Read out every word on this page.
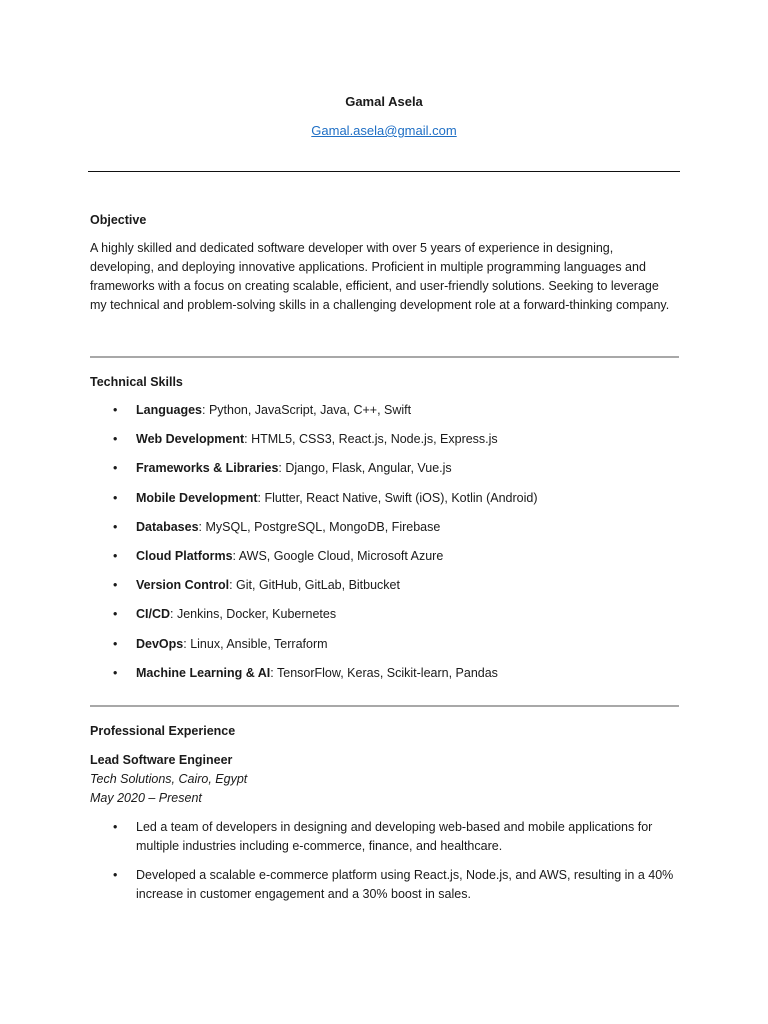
Gamal Asela
Gamal.asela@gmail.com
Objective

A highly skilled and dedicated software developer with over 5 years of experience in designing, developing, and deploying innovative applications. Proficient in multiple programming languages and frameworks with a focus on creating scalable, efficient, and user-friendly solutions. Seeking to leverage my technical and problem-solving skills in a challenging development role at a forward-thinking company.

Technical Skills
• Languages: Python, JavaScript, Java, C++, Swift
• Web Development: HTML5, CSS3, React.js, Node.js, Express.js
• Frameworks & Libraries: Django, Flask, Angular, Vue.js
• Mobile Development: Flutter, React Native, Swift (iOS), Kotlin (Android)
• Databases: MySQL, PostgreSQL, MongoDB, Firebase
• Cloud Platforms: AWS, Google Cloud, Microsoft Azure
• Version Control: Git, GitHub, GitLab, Bitbucket
• CI/CD: Jenkins, Docker, Kubernetes
• DevOps: Linux, Ansible, Terraform
• Machine Learning & AI: TensorFlow, Keras, Scikit-learn, Pandas
Professional Experience
Lead Software Engineer
Tech Solutions, Cairo, Egypt
May 2020 – Present
• Led a team of developers in designing and developing web-based and mobile applications for multiple industries including e-commerce, finance, and healthcare.
• Developed a scalable e-commerce platform using React.js, Node.js, and AWS, resulting in a 40% increase in customer engagement and a 30% boost in sales.
